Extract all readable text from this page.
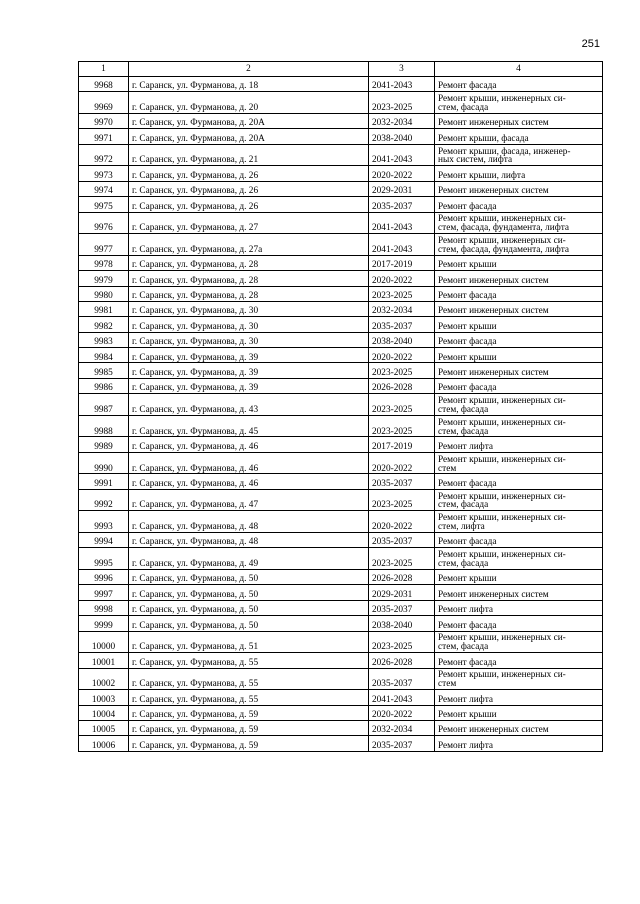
251
1	2	3	4
9968	г. Саранск, ул. Фурманова, д. 18	2041-2043	Ремонт фасада
9969	г. Саранск, ул. Фурманова, д. 20	2023-2025	Ремонт крыши, инженерных си-
стем, фасада
9970	г. Саранск, ул. Фурманова, д. 20А	2032-2034	Ремонт инженерных систем
9971	г. Саранск, ул. Фурманова, д. 20А	2038-2040	Ремонт крыши, фасада
9972	г. Саранск, ул. Фурманова, д. 21	2041-2043	Ремонт крыши, фасада, инженер-
ных систем, лифта
9973	г. Саранск, ул. Фурманова, д. 26	2020-2022	Ремонт крыши, лифта
9974	г. Саранск, ул. Фурманова, д. 26	2029-2031	Ремонт инженерных систем
9975	г. Саранск, ул. Фурманова, д. 26	2035-2037	Ремонт фасада
9976	г. Саранск, ул. Фурманова, д. 27	2041-2043	Ремонт крыши, инженерных си-
стем, фасада, фундамента, лифта
9977	г. Саранск, ул. Фурманова, д. 27а	2041-2043	Ремонт крыши, инженерных си-
стем, фасада, фундамента, лифта
9978	г. Саранск, ул. Фурманова, д. 28	2017-2019	Ремонт крыши
9979	г. Саранск, ул. Фурманова, д. 28	2020-2022	Ремонт инженерных систем
9980	г. Саранск, ул. Фурманова, д. 28	2023-2025	Ремонт фасада
9981	г. Саранск, ул. Фурманова, д. 30	2032-2034	Ремонт инженерных систем
9982	г. Саранск, ул. Фурманова, д. 30	2035-2037	Ремонт крыши
9983	г. Саранск, ул. Фурманова, д. 30	2038-2040	Ремонт фасада
9984	г. Саранск, ул. Фурманова, д. 39	2020-2022	Ремонт крыши
9985	г. Саранск, ул. Фурманова, д. 39	2023-2025	Ремонт инженерных систем
9986	г. Саранск, ул. Фурманова, д. 39	2026-2028	Ремонт фасада
9987	г. Саранск, ул. Фурманова, д. 43	2023-2025	Ремонт крыши, инженерных си-
стем, фасада
9988	г. Саранск, ул. Фурманова, д. 45	2023-2025	Ремонт крыши, инженерных си-
стем, фасада
9989	г. Саранск, ул. Фурманова, д. 46	2017-2019	Ремонт лифта
9990	г. Саранск, ул. Фурманова, д. 46	2020-2022	Ремонт крыши, инженерных си-
стем
9991	г. Саранск, ул. Фурманова, д. 46	2035-2037	Ремонт фасада
9992	г. Саранск, ул. Фурманова, д. 47	2023-2025	Ремонт крыши, инженерных си-
стем, фасада
9993	г. Саранск, ул. Фурманова, д. 48	2020-2022	Ремонт крыши, инженерных си-
стем, лифта
9994	г. Саранск, ул. Фурманова, д. 48	2035-2037	Ремонт фасада
9995	г. Саранск, ул. Фурманова, д. 49	2023-2025	Ремонт крыши, инженерных си-
стем, фасада
9996	г. Саранск, ул. Фурманова, д. 50	2026-2028	Ремонт крыши
9997	г. Саранск, ул. Фурманова, д. 50	2029-2031	Ремонт инженерных систем
9998	г. Саранск, ул. Фурманова, д. 50	2035-2037	Ремонт лифта
9999	г. Саранск, ул. Фурманова, д. 50	2038-2040	Ремонт фасада
10000	г. Саранск, ул. Фурманова, д. 51	2023-2025	Ремонт крыши, инженерных си-
стем, фасада
10001	г. Саранск, ул. Фурманова, д. 55	2026-2028	Ремонт фасада
10002	г. Саранск, ул. Фурманова, д. 55	2035-2037	Ремонт крыши, инженерных си-
стем
10003	г. Саранск, ул. Фурманова, д. 55	2041-2043	Ремонт лифта
10004	г. Саранск, ул. Фурманова, д. 59	2020-2022	Ремонт крыши
10005	г. Саранск, ул. Фурманова, д. 59	2032-2034	Ремонт инженерных систем
10006	г. Саранск, ул. Фурманова, д. 59	2035-2037	Ремонт лифта
